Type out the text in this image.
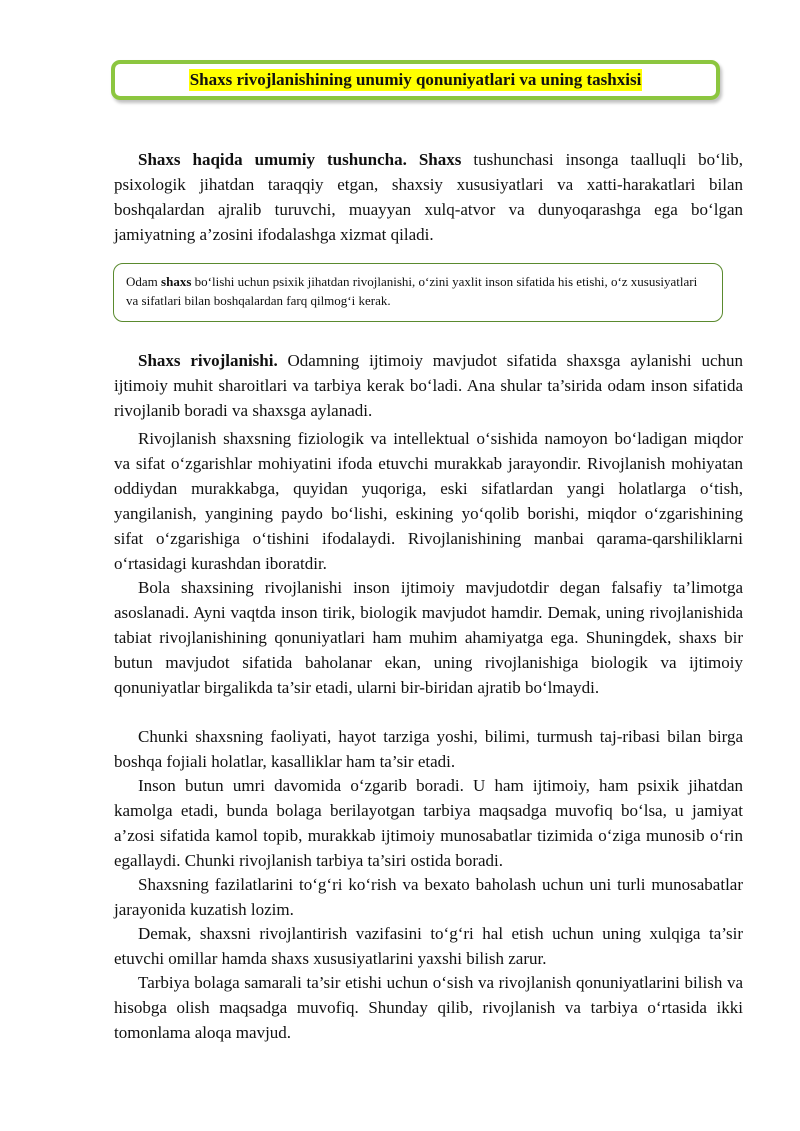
Shaxs rivojlanishining unumiy qonuniyatlari va uning tashxisi

Shaxs haqida umumiy tushuncha. Shaxs tushunchasi insonga taalluqli bo‘lib, psixologik jihatdan taraqqiy etgan, shaxsiy xususiyatlari va xatti-harakatlari bilan boshqalardan ajralib turuvchi, muayyan xulq-atvor va dunyoqarashga ega bo‘lgan jamiyatning a’zosini ifodalashga xizmat qiladi.

Odam shaxs bo‘lishi uchun psixik jihatdan rivojlanishi, o‘zini yaxlit inson sifatida his etishi, o‘z xususiyatlari va sifatlari bilan boshqalardan farq qilmog‘i kerak.

Shaxs rivojlanishi. Odamning ijtimoiy mavjudot sifatida shaxsga aylanishi uchun ijtimoiy muhit sharoitlari va tarbiya kerak bo‘ladi. Ana shular ta’sirida odam inson sifatida rivojlanib boradi va shaxsga aylanadi.

Rivojlanish shaxsning fiziologik va intellektual o‘sishida namoyon bo‘ladigan miqdor va sifat o‘zgarishlar mohiyatini ifoda etuvchi murakkab jarayondir. Rivojlanish mohiyatan oddiydan murakkabga, quyidan yuqoriga, eski sifatlardan yangi holatlarga o‘tish, yangilanish, yangining paydo bo‘lishi, eskining yo‘qolib borishi, miqdor o‘zgarishining sifat o‘zgarishiga o‘tishini ifodalaydi. Rivojlanishining manbai qarama-qarshiliklarni o‘rtasidagi kurashdan iboratdir.

Bola shaxsining rivojlanishi inson ijtimoiy mavjudotdir degan falsafiy ta’limotga asoslanadi. Ayni vaqtda inson tirik, biologik mavjudot hamdir. Demak, uning rivojlanishida tabiat rivojlanishining qonuniyatlari ham muhim ahamiyatga ega. Shuningdek, shaxs bir butun mavjudot sifatida baholanar ekan, uning rivojlanishiga biologik va ijtimoiy qonuniyatlar birgalikda ta’sir etadi, ularni bir-biridan ajratib bo‘lmaydi.

Chunki shaxsning faoliyati, hayot tarziga yoshi, bilimi, turmush taj-ribasi bilan birga boshqa fojiali holatlar, kasalliklar ham ta’sir etadi.

Inson butun umri davomida o‘zgarib boradi. U ham ijtimoiy, ham psixik jihatdan kamolga etadi, bunda bolaga berilayotgan tarbiya maqsadga muvofiq bo‘lsa, u jamiyat a’zosi sifatida kamol topib, murakkab ijtimoiy munosabatlar tizimida o‘ziga munosib o‘rin egallaydi. Chunki rivojlanish tarbiya ta’siri ostida boradi.

Shaxsning fazilatlarini to‘g‘ri ko‘rish va bexato baholash uchun uni turli munosabatlar jarayonida kuzatish lozim.

Demak, shaxsni rivojlantirish vazifasini to‘g‘ri hal etish uchun uning xulqiga ta’sir etuvchi omillar hamda shaxs xususiyatlarini yaxshi bilish zarur.

Tarbiya bolaga samarali ta’sir etishi uchun o‘sish va rivojlanish qonuniyatlarini bilish va hisobga olish maqsadga muvofiq. Shunday qilib, rivojlanish va tarbiya o‘rtasida ikki tomonlama aloqa mavjud.
